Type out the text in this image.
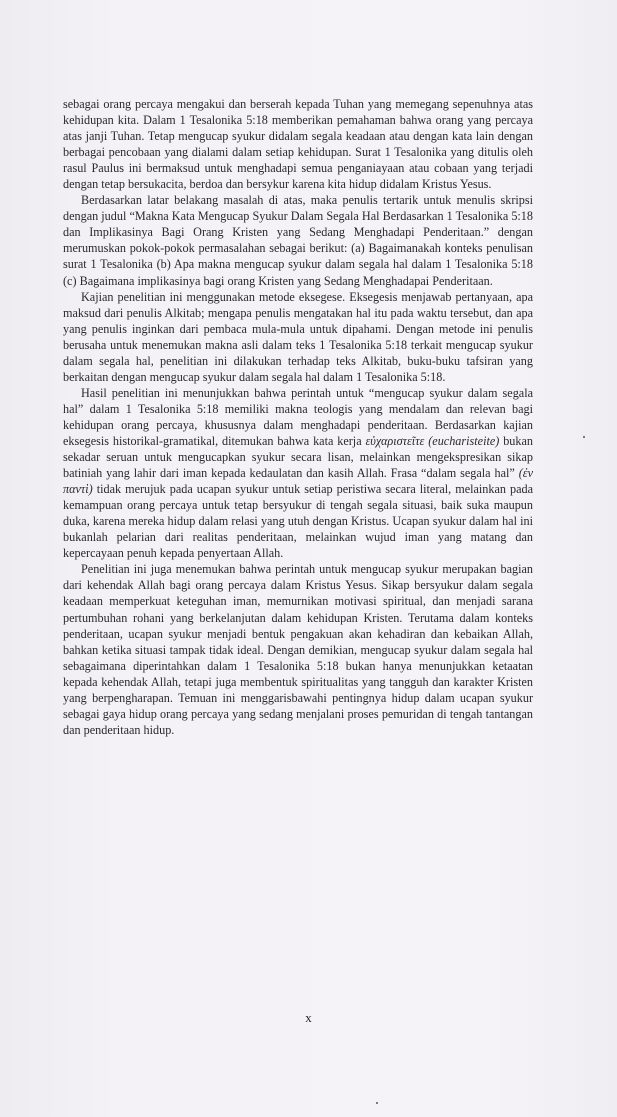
sebagai orang percaya mengakui dan berserah kepada Tuhan yang memegang sepenuhnya atas kehidupan kita. Dalam 1 Tesalonika 5:18 memberikan pemahaman bahwa orang yang percaya atas janji Tuhan. Tetap mengucap syukur didalam segala keadaan atau dengan kata lain dengan berbagai pencobaan yang dialami dalam setiap kehidupan. Surat 1 Tesalonika yang ditulis oleh rasul Paulus ini bermaksud untuk menghadapi semua penganiayaan atau cobaan yang terjadi dengan tetap bersukacita, berdoa dan bersykur karena kita hidup didalam Kristus Yesus.

Berdasarkan latar belakang masalah di atas, maka penulis tertarik untuk menulis skripsi dengan judul “Makna Kata Mengucap Syukur Dalam Segala Hal Berdasarkan 1 Tesalonika 5:18 dan Implikasinya Bagi Orang Kristen yang Sedang Menghadapi Penderitaan.” dengan merumuskan pokok-pokok permasalahan sebagai berikut: (a) Bagaimanakah konteks penulisan surat 1 Tesalonika (b) Apa makna mengucap syukur dalam segala hal dalam 1 Tesalonika 5:18 (c) Bagaimana implikasinya bagi orang Kristen yang Sedang Menghadapai Penderitaan.

Kajian penelitian ini menggunakan metode eksegese. Eksegesis menjawab pertanyaan, apa maksud dari penulis Alkitab; mengapa penulis mengatakan hal itu pada waktu tersebut, dan apa yang penulis inginkan dari pembaca mula-mula untuk dipahami. Dengan metode ini penulis berusaha untuk menemukan makna asli dalam teks 1 Tesalonika 5:18 terkait mengucap syukur dalam segala hal, penelitian ini dilakukan terhadap teks Alkitab, buku-buku tafsiran yang berkaitan dengan mengucap syukur dalam segala hal dalam 1 Tesalonika 5:18.

Hasil penelitian ini menunjukkan bahwa perintah untuk “mengucap syukur dalam segala hal” dalam 1 Tesalonika 5:18 memiliki makna teologis yang mendalam dan relevan bagi kehidupan orang percaya, khususnya dalam menghadapi penderitaan. Berdasarkan kajian eksegesis historikal-gramatikal, ditemukan bahwa kata kerja εὐχαριστεῖτε (eucharisteite) bukan sekadar seruan untuk mengucapkan syukur secara lisan, melainkan mengekspresikan sikap batiniah yang lahir dari iman kepada kedaulatan dan kasih Allah. Frasa “dalam segala hal” (ἐν παντὶ) tidak merujuk pada ucapan syukur untuk setiap peristiwa secara literal, melainkan pada kemampuan orang percaya untuk tetap bersyukur di tengah segala situasi, baik suka maupun duka, karena mereka hidup dalam relasi yang utuh dengan Kristus. Ucapan syukur dalam hal ini bukanlah pelarian dari realitas penderitaan, melainkan wujud iman yang matang dan kepercayaan penuh kepada penyertaan Allah.

Penelitian ini juga menemukan bahwa perintah untuk mengucap syukur merupakan bagian dari kehendak Allah bagi orang percaya dalam Kristus Yesus. Sikap bersyukur dalam segala keadaan memperkuat keteguhan iman, memurnikan motivasi spiritual, dan menjadi sarana pertumbuhan rohani yang berkelanjutan dalam kehidupan Kristen. Terutama dalam konteks penderitaan, ucapan syukur menjadi bentuk pengakuan akan kehadiran dan kebaikan Allah, bahkan ketika situasi tampak tidak ideal. Dengan demikian, mengucap syukur dalam segala hal sebagaimana diperintahkan dalam 1 Tesalonika 5:18 bukan hanya menunjukkan ketaatan kepada kehendak Allah, tetapi juga membentuk spiritualitas yang tangguh dan karakter Kristen yang berpengharapan. Temuan ini menggarisbawahi pentingnya hidup dalam ucapan syukur sebagai gaya hidup orang percaya yang sedang menjalani proses pemuridan di tengah tantangan dan penderitaan hidup.

x
